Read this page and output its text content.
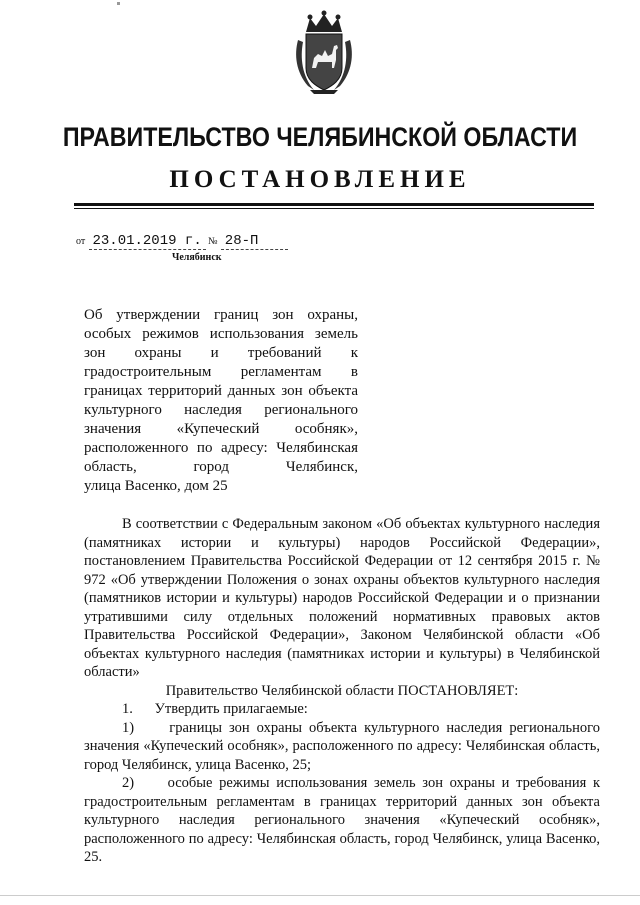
ПРАВИТЕЛЬСТВО ЧЕЛЯБИНСКОЙ ОБЛАСТИ
ПОСТАНОВЛЕНИЕ
от 23.01.2019 г. № 28-П
Челябинск
Об утверждении границ зон охраны,
особых режимов использования земель
зон охраны и требований к
градостроительным регламентам в
границах территорий данных зон объекта
культурного наследия регионального
значения «Купеческий особняк»,
расположенного по адресу: Челябинская
область, город Челябинск,
улица Васенко, дом 25

В соответствии с Федеральным законом «Об объектах культурного наследия (памятниках истории и культуры) народов Российской Федерации», постановлением Правительства Российской Федерации от 12 сентября 2015 г. № 972 «Об утверждении Положения о зонах охраны объектов культурного наследия (памятников истории и культуры) народов Российской Федерации и о признании утратившими силу отдельных положений нормативных правовых актов Правительства Российской Федерации», Законом Челябинской области «Об объектах культурного наследия (памятниках истории и культуры) в Челябинской области»

Правительство Челябинской области ПОСТАНОВЛЯЕТ:

1. Утвердить прилагаемые:

1) границы зон охраны объекта культурного наследия регионального значения «Купеческий особняк», расположенного по адресу: Челябинская область, город Челябинск, улица Васенко, 25;

2) особые режимы использования земель зон охраны и требования к градостроительным регламентам в границах территорий данных зон объекта культурного наследия регионального значения «Купеческий особняк», расположенного по адресу: Челябинская область, город Челябинск, улица Васенко, 25.
